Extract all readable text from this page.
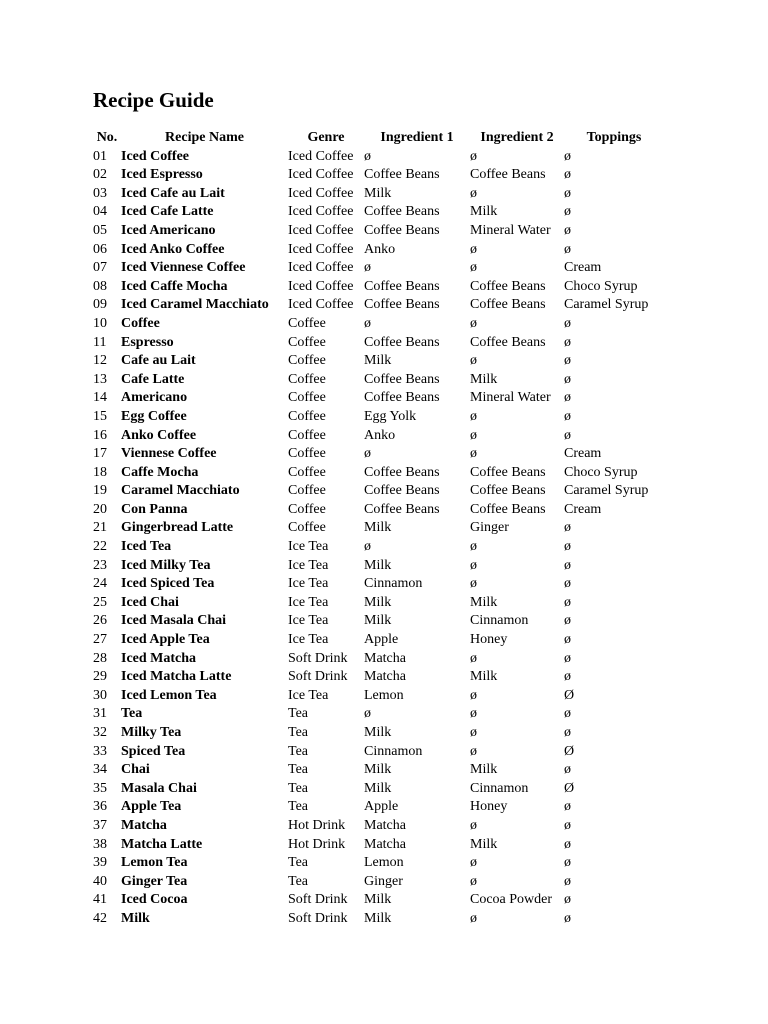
Recipe Guide
No.	Recipe Name	Genre	Ingredient 1	Ingredient 2	Toppings
01	Iced Coffee	Iced Coffee	ø	ø	ø
02	Iced Espresso	Iced Coffee	Coffee Beans	Coffee Beans	ø
03	Iced Cafe au Lait	Iced Coffee	Milk	ø	ø
04	Iced Cafe Latte	Iced Coffee	Coffee Beans	Milk	ø
05	Iced Americano	Iced Coffee	Coffee Beans	Mineral Water	ø
06	Iced Anko Coffee	Iced Coffee	Anko	ø	ø
07	Iced Viennese Coffee	Iced Coffee	ø	ø	Cream
08	Iced Caffe Mocha	Iced Coffee	Coffee Beans	Coffee Beans	Choco Syrup
09	Iced Caramel Macchiato	Iced Coffee	Coffee Beans	Coffee Beans	Caramel Syrup
10	Coffee	Coffee	ø	ø	ø
11	Espresso	Coffee	Coffee Beans	Coffee Beans	ø
12	Cafe au Lait	Coffee	Milk	ø	ø
13	Cafe Latte	Coffee	Coffee Beans	Milk	ø
14	Americano	Coffee	Coffee Beans	Mineral Water	ø
15	Egg Coffee	Coffee	Egg Yolk	ø	ø
16	Anko Coffee	Coffee	Anko	ø	ø
17	Viennese Coffee	Coffee	ø	ø	Cream
18	Caffe Mocha	Coffee	Coffee Beans	Coffee Beans	Choco Syrup
19	Caramel Macchiato	Coffee	Coffee Beans	Coffee Beans	Caramel Syrup
20	Con Panna	Coffee	Coffee Beans	Coffee Beans	Cream
21	Gingerbread Latte	Coffee	Milk	Ginger	ø
22	Iced Tea	Ice Tea	ø	ø	ø
23	Iced Milky Tea	Ice Tea	Milk	ø	ø
24	Iced Spiced Tea	Ice Tea	Cinnamon	ø	ø
25	Iced Chai	Ice Tea	Milk	Milk	ø
26	Iced Masala Chai	Ice Tea	Milk	Cinnamon	ø
27	Iced Apple Tea	Ice Tea	Apple	Honey	ø
28	Iced Matcha	Soft Drink	Matcha	ø	ø
29	Iced Matcha Latte	Soft Drink	Matcha	Milk	ø
30	Iced Lemon Tea	Ice Tea	Lemon	ø	Ø
31	Tea	Tea	ø	ø	ø
32	Milky Tea	Tea	Milk	ø	ø
33	Spiced Tea	Tea	Cinnamon	ø	Ø
34	Chai	Tea	Milk	Milk	ø
35	Masala Chai	Tea	Milk	Cinnamon	Ø
36	Apple Tea	Tea	Apple	Honey	ø
37	Matcha	Hot Drink	Matcha	ø	ø
38	Matcha Latte	Hot Drink	Matcha	Milk	ø
39	Lemon Tea	Tea	Lemon	ø	ø
40	Ginger Tea	Tea	Ginger	ø	ø
41	Iced Cocoa	Soft Drink	Milk	Cocoa Powder	ø
42	Milk	Soft Drink	Milk	ø	ø
